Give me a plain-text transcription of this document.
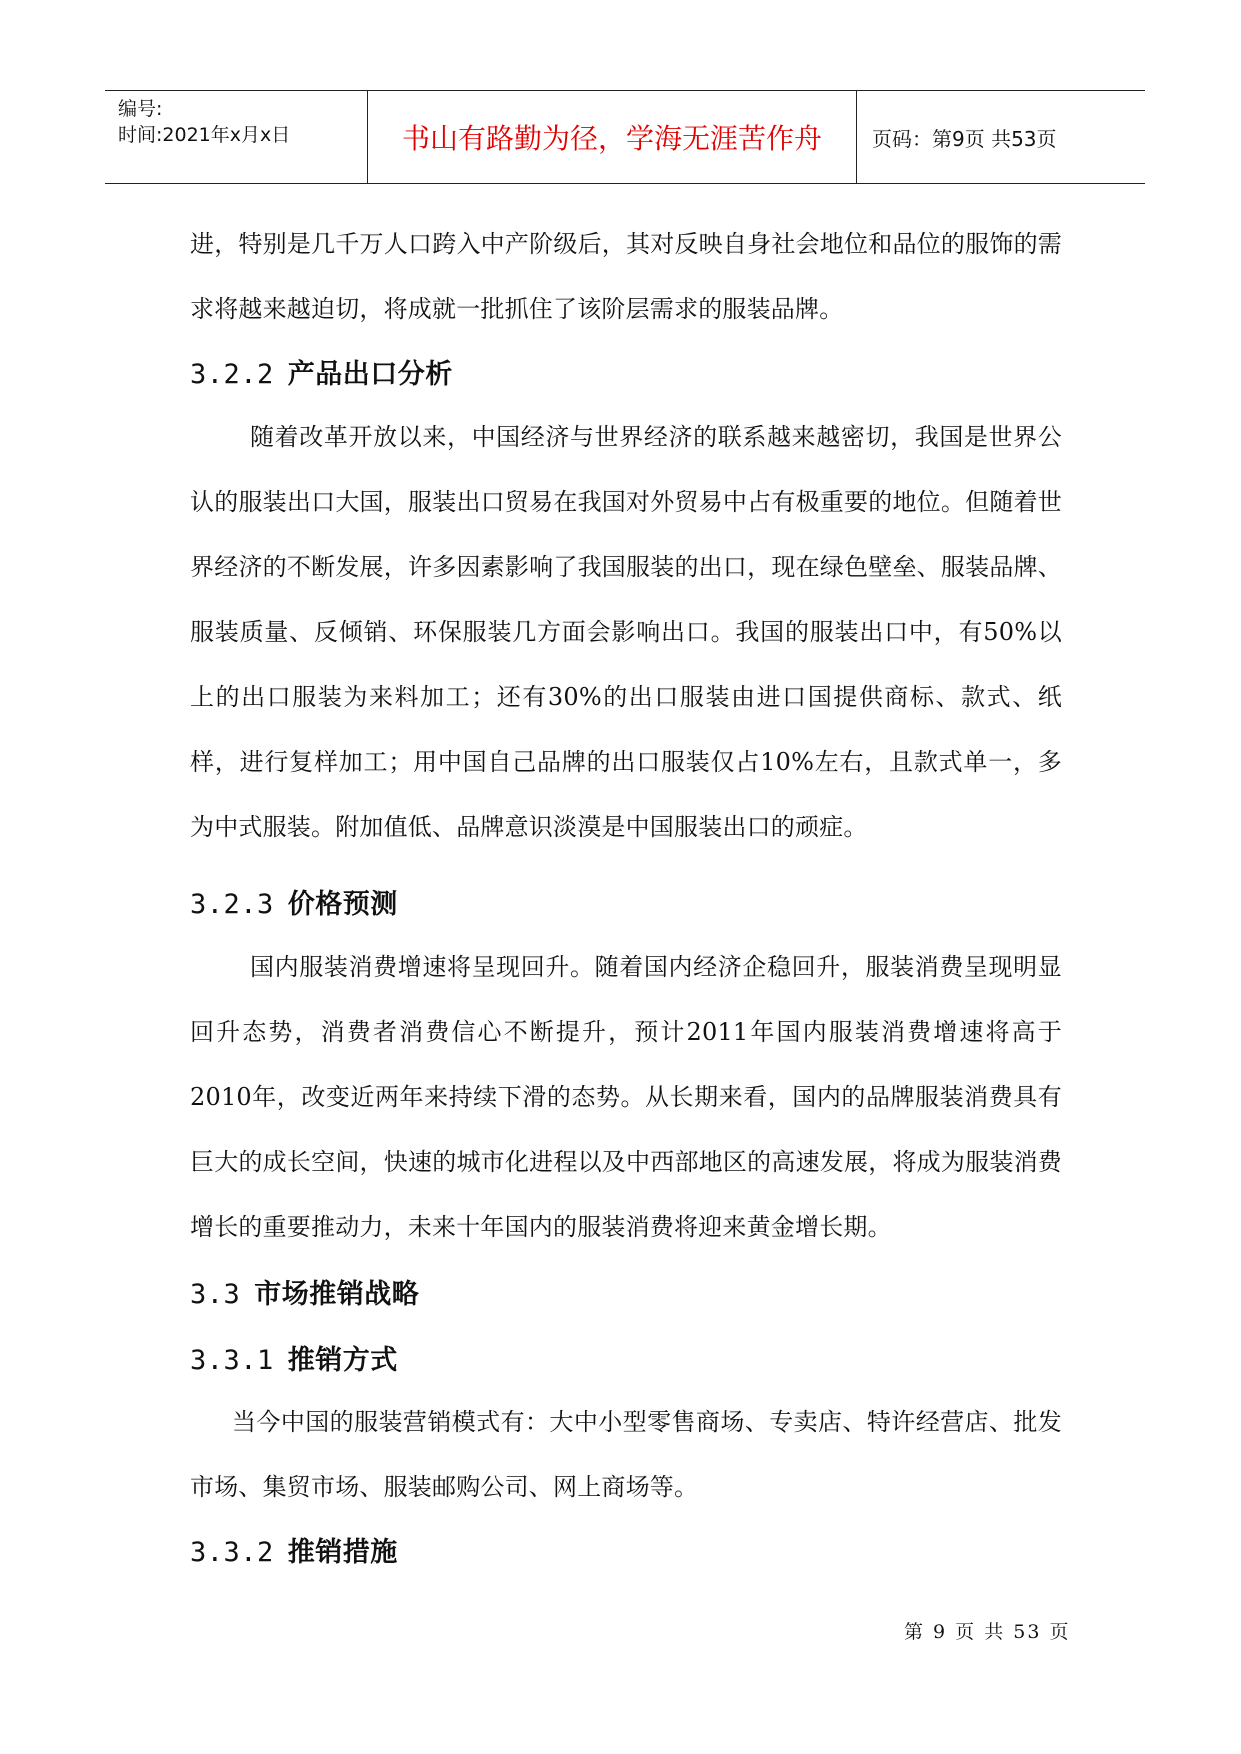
编号:
时间:2021年x月x日	书山有路勤为径，学海无涯苦作舟	页码：第9页 共53页
进，特别是几千万人口跨入中产阶级后，其对反映自身社会地位和品位的服饰的需求将越来越迫切，将成就一批抓住了该阶层需求的服装品牌。
3.2.2 产品出口分析
随着改革开放以来，中国经济与世界经济的联系越来越密切，我国是世界公认的服装出口大国，服装出口贸易在我国对外贸易中占有极重要的地位。但随着世界经济的不断发展，许多因素影响了我国服装的出口，现在绿色壁垒、服装品牌、服装质量、反倾销、环保服装几方面会影响出口。我国的服装出口中，有50%以上的出口服装为来料加工；还有30%的出口服装由进口国提供商标、款式、纸样，进行复样加工；用中国自己品牌的出口服装仅占10%左右，且款式单一，多为中式服装。附加值低、品牌意识淡漠是中国服装出口的顽症。
3.2.3 价格预测
国内服装消费增速将呈现回升。随着国内经济企稳回升，服装消费呈现明显回升态势，消费者消费信心不断提升，预计2011年国内服装消费增速将高于2010年，改变近两年来持续下滑的态势。从长期来看，国内的品牌服装消费具有巨大的成长空间，快速的城市化进程以及中西部地区的高速发展，将成为服装消费增长的重要推动力，未来十年国内的服装消费将迎来黄金增长期。
3.3 市场推销战略
3.3.1 推销方式
当今中国的服装营销模式有：大中小型零售商场、专卖店、特许经营店、批发市场、集贸市场、服装邮购公司、网上商场等。
3.3.2 推销措施
第 9 页 共 53 页
